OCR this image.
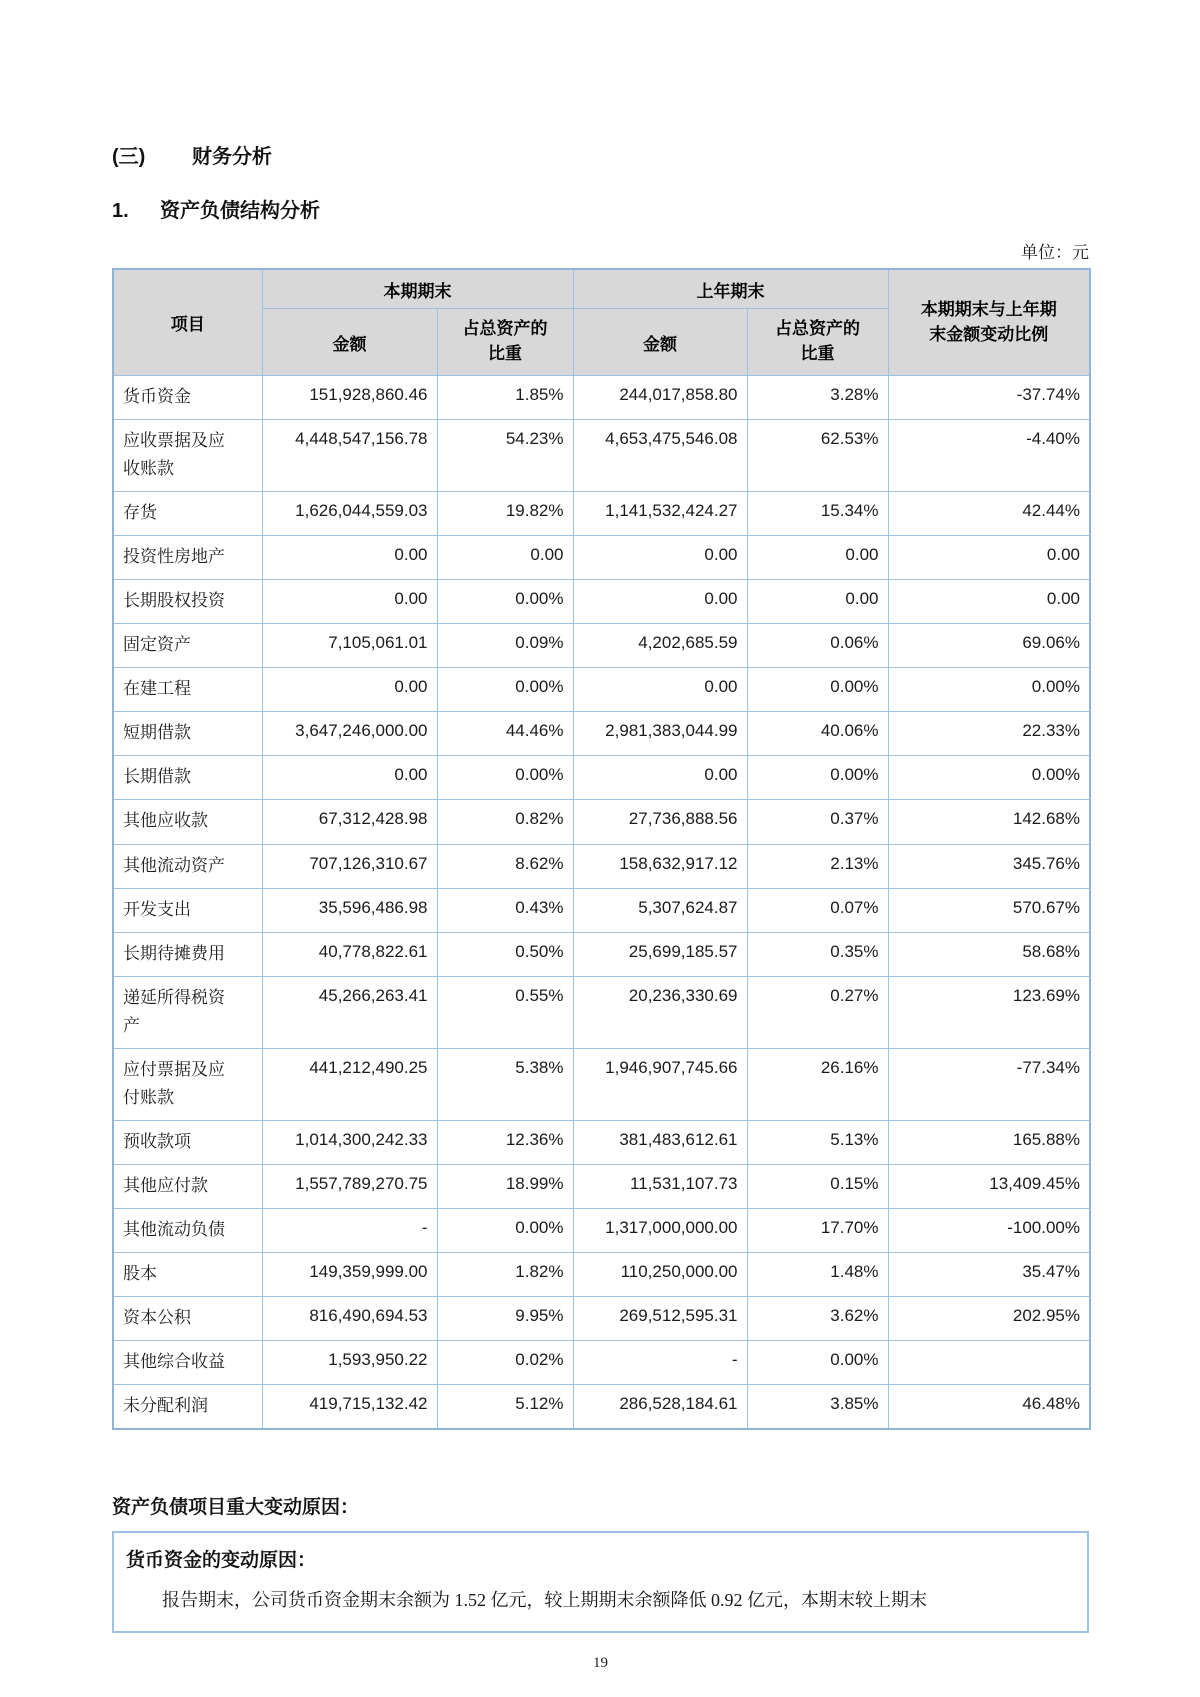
(三) 财务分析
1. 资产负债结构分析
单位：元
项目	本期期末		上年期末		本期期末与上年期末金额变动比例
	金额	占总资产的比重	金额	占总资产的比重	
货币资金	151,928,860.46	1.85%	244,017,858.80	3.28%	-37.74%
应收票据及应收账款	4,448,547,156.78	54.23%	4,653,475,546.08	62.53%	-4.40%
存货	1,626,044,559.03	19.82%	1,141,532,424.27	15.34%	42.44%
投资性房地产	0.00	0.00	0.00	0.00	0.00
长期股权投资	0.00	0.00%	0.00	0.00	0.00
固定资产	7,105,061.01	0.09%	4,202,685.59	0.06%	69.06%
在建工程	0.00	0.00%	0.00	0.00%	0.00%
短期借款	3,647,246,000.00	44.46%	2,981,383,044.99	40.06%	22.33%
长期借款	0.00	0.00%	0.00	0.00%	0.00%
其他应收款	67,312,428.98	0.82%	27,736,888.56	0.37%	142.68%
其他流动资产	707,126,310.67	8.62%	158,632,917.12	2.13%	345.76%
开发支出	35,596,486.98	0.43%	5,307,624.87	0.07%	570.67%
长期待摊费用	40,778,822.61	0.50%	25,699,185.57	0.35%	58.68%
递延所得税资产	45,266,263.41	0.55%	20,236,330.69	0.27%	123.69%
应付票据及应付账款	441,212,490.25	5.38%	1,946,907,745.66	26.16%	-77.34%
预收款项	1,014,300,242.33	12.36%	381,483,612.61	5.13%	165.88%
其他应付款	1,557,789,270.75	18.99%	11,531,107.73	0.15%	13,409.45%
其他流动负债	-	0.00%	1,317,000,000.00	17.70%	-100.00%
股本	149,359,999.00	1.82%	110,250,000.00	1.48%	35.47%
资本公积	816,490,694.53	9.95%	269,512,595.31	3.62%	202.95%
其他综合收益	1,593,950.22	0.02%	-	0.00%	
未分配利润	419,715,132.42	5.12%	286,528,184.61	3.85%	46.48%
资产负债项目重大变动原因：
货币资金的变动原因：
报告期末，公司货币资金期末余额为 1.52 亿元，较上期期末余额降低 0.92 亿元，本期末较上期末
19
